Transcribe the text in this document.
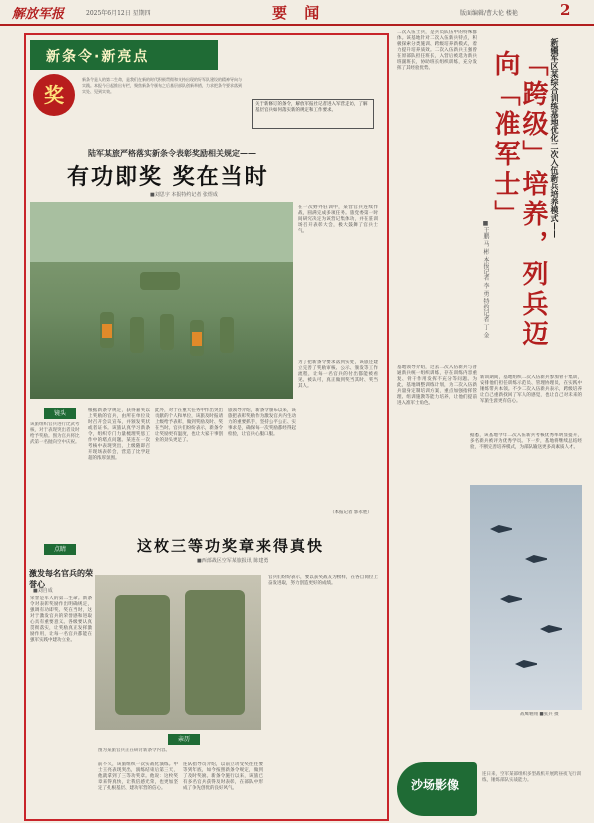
解放军报	2025年6月12日 星期四	要 闻	版面编辑/曹大伦 楼艳	2
新条令·新亮点
奖
新条令是人的第二生命，是我们在新的时代积极贯彻和支持出现的好军队建设的精神导向与实践。本报今日起推出专栏，聚焦新条令颁布之后基层部队创新举措，力求把条令要求落到实处、见到实效。
关于新修订的条令，解放军报社记者进入军营走访，了解基层官兵如何落实新的规定和工作要求。
陆军某旅严格落实新条令表彰奖励相关规定——
有功即奖 奖在当时
■刘思宇 本报特约记者 张煜成
镜头
该旅组织官兵进行比武考核，对于表现突出者及时给予奖励。图为官兵将比武第一名抛向空中庆祝。
根据新条令规定，获得嘉奖以上奖励的官兵，由所在单位及时召开会议宣布，并颁发奖状或者证书。该旅认真学习新条令，组织专门力量梳理奖惩工作中的堵点问题。某连在一次考核中表现突出，上级随即召开现场表彰会，营造了比学赶超的浓厚氛围。
此外，对于在重大任务中作出突出贡献的个人和单位，该旅及时报请上级给予表彰，做到奖励及时、奖在当时。官兵们纷纷表示，新条令让奖励更有温度，也让大家干事创业的劲头更足了。
旅领导介绍，新条令颁布以来，该旅把表彰奖励作为激发官兵内生动力的重要抓手，坚持公平公正、实事求是，确保每一次奖励都经得起检验，让官兵心服口服。
在一次野外驻训中，某营官兵连续作战，圆满完成多项任务。旅党委第一时间研究决定为该营记集体功，并在驻训场召开表彰大会，极大鼓舞了官兵士气。
为了把新条令要求落到实处，该旅还建立完善了奖励审核、公示、颁发等工作流程，让每一名官兵的付出都能被看见、被认可，真正做到奖当其时、奖当其人。
（本报记者 郭永胜）
点睛
激发每名官兵的荣誉心
■刘自成
荣誉是军人的第二生命。新条令对表彰奖励作出明确规定，强调有功即奖、奖在当时，这对于激发官兵的荣誉感和进取心具有重要意义。各级要认真贯彻落实，让奖励真正发挥激励作用，让每一名官兵都能在强军实践中建功立业。
这枚三等功奖章来得真快
■西部战区空军某旅报讯 陈建勇
亲历
图为某旅官兵正在研讨新条令内容。
前不久，该旅组织一次实战化演练。中士王亮表现突出，演练结束后第三天，他就拿到了三等功奖章。他说：这枚奖章来得真快，让我倍感光荣，也更加坚定了扎根基层、建功军营的信心。
连队指导员介绍，以前立功受奖往往要等到年底，如今按照新条令规定，做到了及时奖励。新条令施行以来，该旅已有多名官兵获得及时表彰，在部队中形成了争先创优的良好风气。
官兵们纷纷表示，要以获奖战友为榜样，在各自岗位上奋发进取，努力创造更好的成绩。
新疆军区某综合训练基地优化二次入伍新兵培养模式——
「跨级」培养，列兵迈向「准军士」
■王鹏 马 彬 本报记者 李 勇 特约记者 丁 金
二次入伍士兵，是兵员队伍中的特殊群体。该基地针对二次入伍新兵特点，积极探索分类施训、跨级培养新模式，着力提升培养质效。二次入伍新兵王强曾在原部队担任班长，入营后被选为新兵班副班长，协助班长组织训练，充分发挥了其经验优势。
基地领导介绍，过去二次入伍新兵与普通新兵统一组织训练，存在训练内容重复、骨干作用发挥不充分等问题。为此，基地调整训练计划，为二次入伍新兵量身定制培训方案，重点加强指挥管理、组训施教等能力培养，让他们提前进入准军士角色。
新训期间，基地组织二次入伍新兵参加骨干集训，安排他们担任训练示范员、管理协理员，在实践中锤炼带兵本领。不少二次入伍新兵表示，跨级培养让自己重新找回了军人的感觉，也让自己对未来的军旅生涯更有信心。
据悉，该基地今年二次入伍新兵考核优秀率明显提升，多名新兵被评为优秀学员。下一步，基地将继续总结经验，不断完善培养模式，为部队输送更多高素质人才。
战鹰翱翔 ■张兵 摄
沙场影像
连日来，空军某部组织多型战机开展跨昼夜飞行训练，锤炼部队实战能力。
